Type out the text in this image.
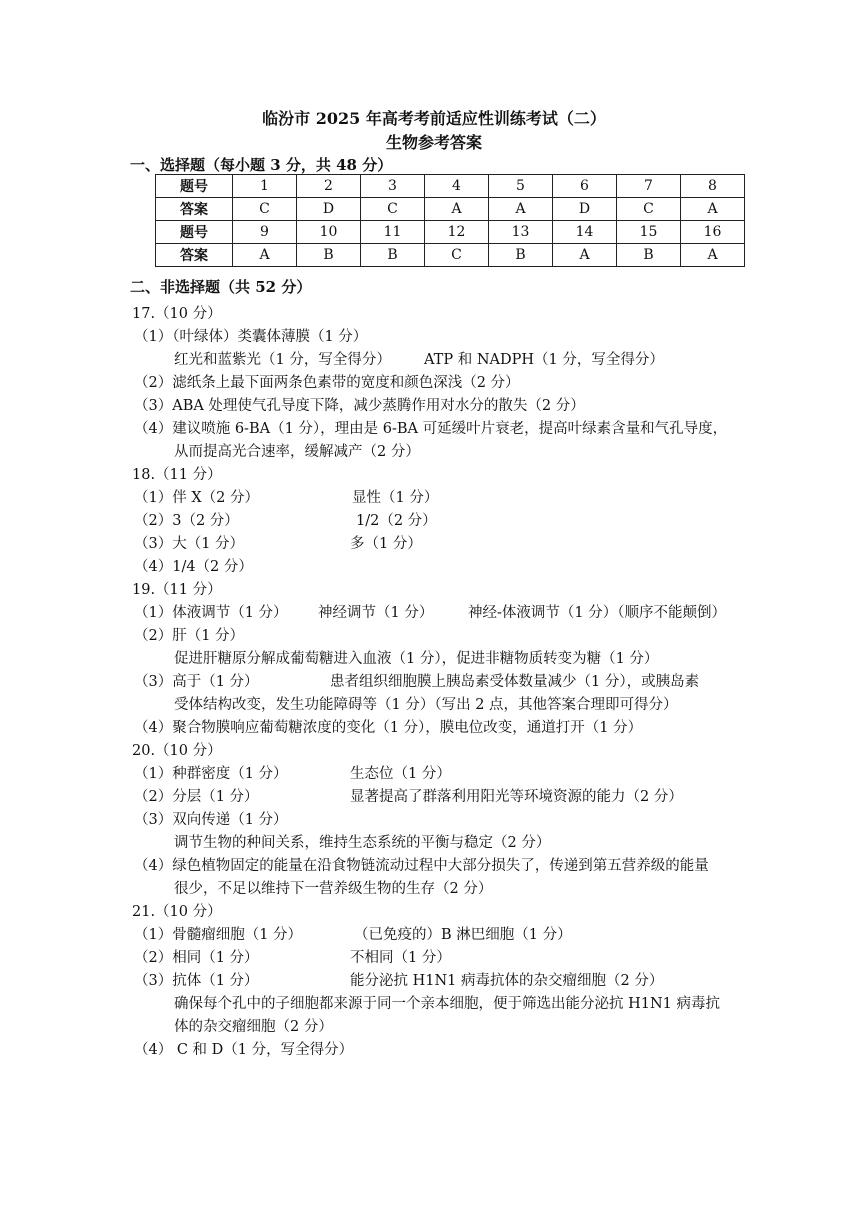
临汾市 2025 年高考考前适应性训练考试（二）
生物参考答案
一、选择题（每小题 3 分，共 48 分）
题号	1	2	3	4	5	6	7	8
答案	C	D	C	A	A	D	C	A
题号	9	10	11	12	13	14	15	16
答案	A	B	B	C	B	A	B	A
二、非选择题（共 52 分）
17.（10 分）
（1）（叶绿体）类囊体薄膜（1 分）
红光和蓝紫光（1 分，写全得分） ATP 和 NADPH（1 分，写全得分）
（2）滤纸条上最下面两条色素带的宽度和颜色深浅（2 分）
（3）ABA 处理使气孔导度下降，减少蒸腾作用对水分的散失（2 分）
（4）建议喷施 6-BA（1 分），理由是 6-BA 可延缓叶片衰老，提高叶绿素含量和气孔导度，
从而提高光合速率，缓解减产（2 分）
18.（11 分）
（1）伴 X（2 分）	显性（1 分）
（2）3（2 分）	1/2（2 分）
（3）大（1 分）	多（1 分）
（4）1/4（2 分）
19.（11 分）
（1）体液调节（1 分） 神经调节（1 分） 神经-体液调节（1 分）（顺序不能颠倒）
（2）肝（1 分）
促进肝糖原分解成葡萄糖进入血液（1 分），促进非糖物质转变为糖（1 分）
（3）高于（1 分）	患者组织细胞膜上胰岛素受体数量减少（1 分），或胰岛素
受体结构改变，发生功能障碍等（1 分）（写出 2 点，其他答案合理即可得分）
（4）聚合物膜响应葡萄糖浓度的变化（1 分），膜电位改变，通道打开（1 分）
20.（10 分）
（1）种群密度（1 分）	生态位（1 分）
（2）分层（1 分）	显著提高了群落利用阳光等环境资源的能力（2 分）
（3）双向传递（1 分）
调节生物的种间关系，维持生态系统的平衡与稳定（2 分）
（4）绿色植物固定的能量在沿食物链流动过程中大部分损失了，传递到第五营养级的能量
很少，不足以维持下一营养级生物的生存（2 分）
21.（10 分）
（1）骨髓瘤细胞（1 分）	（已免疫的）B 淋巴细胞（1 分）
（2）相同（1 分）	不相同（1 分）
（3）抗体（1 分）	能分泌抗 H1N1 病毒抗体的杂交瘤细胞（2 分）
确保每个孔中的子细胞都来源于同一个亲本细胞，便于筛选出能分泌抗 H1N1 病毒抗
体的杂交瘤细胞（2 分）
（4） C 和 D（1 分，写全得分）
